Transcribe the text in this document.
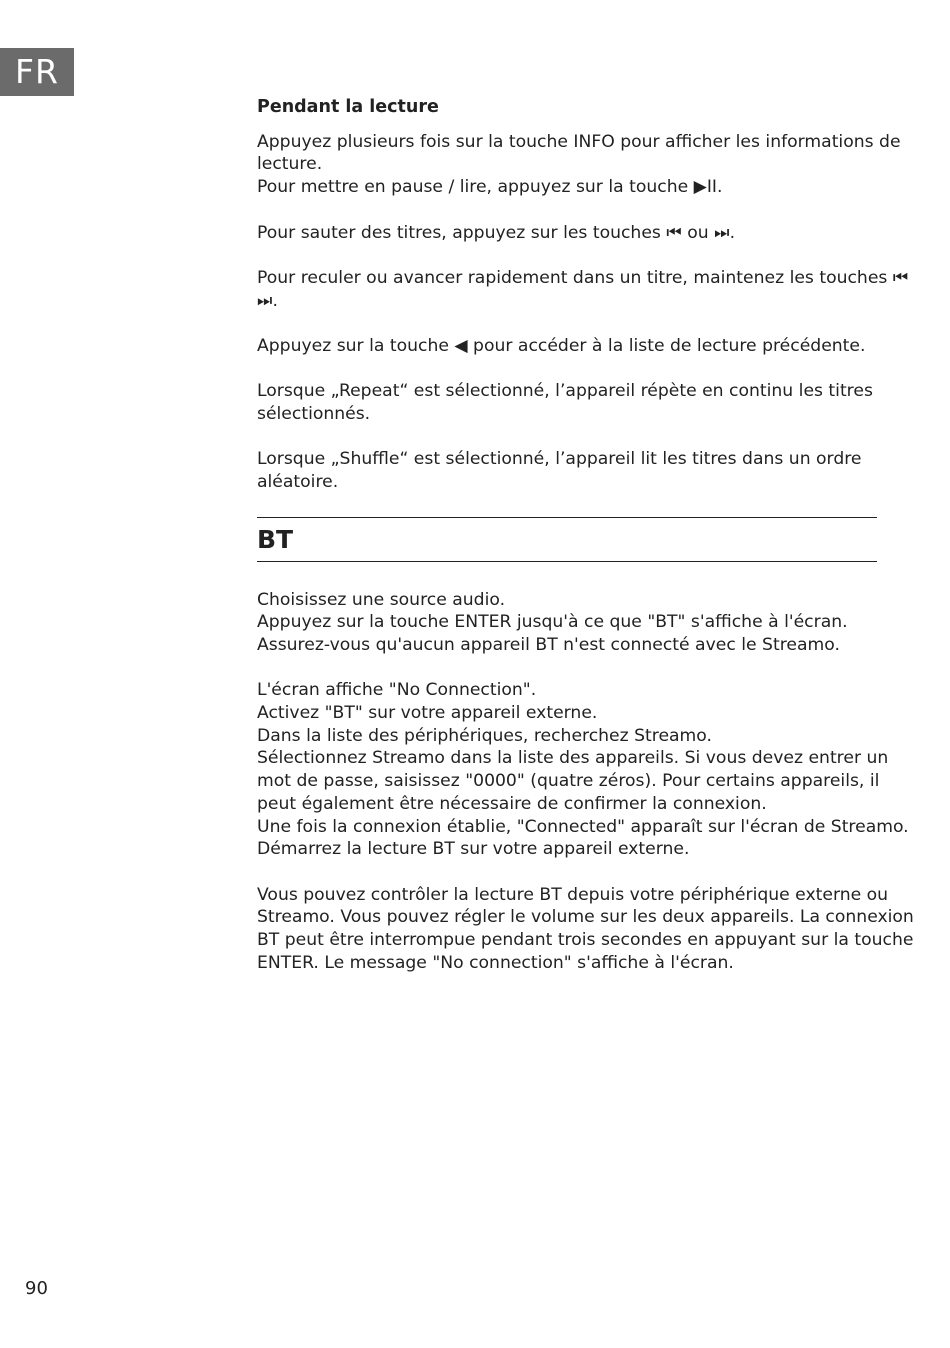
FR
Pendant la lecture
Appuyez plusieurs fois sur la touche INFO pour afficher les informations de
lecture.
Pour mettre en pause / lire, appuyez sur la touche ▶II.
Pour sauter des titres, appuyez sur les touches ⏮ ou ⏭.
Pour reculer ou avancer rapidement dans un titre, maintenez les touches ⏮
⏭.
Appuyez sur la touche ◀ pour accéder à la liste de lecture précédente.
Lorsque „Repeat“ est sélectionné, l’appareil répète en continu les titres
sélectionnés.
Lorsque „Shuffle“ est sélectionné, l’appareil lit les titres dans un ordre
aléatoire.
BT
Choisissez une source audio.
Appuyez sur la touche ENTER jusqu'à ce que "BT" s'affiche à l'écran.
Assurez-vous qu'aucun appareil BT n'est connecté avec le Streamo.
L'écran affiche "No Connection".
Activez "BT" sur votre appareil externe.
Dans la liste des périphériques, recherchez Streamo.
Sélectionnez Streamo dans la liste des appareils. Si vous devez entrer un
mot de passe, saisissez "0000" (quatre zéros). Pour certains appareils, il
peut également être nécessaire de confirmer la connexion.
Une fois la connexion établie, "Connected" apparaît sur l'écran de Streamo.
Démarrez la lecture BT sur votre appareil externe.
Vous pouvez contrôler la lecture BT depuis votre périphérique externe ou
Streamo. Vous pouvez régler le volume sur les deux appareils. La connexion
BT peut être interrompue pendant trois secondes en appuyant sur la touche
ENTER. Le message "No connection" s'affiche à l'écran.
90
